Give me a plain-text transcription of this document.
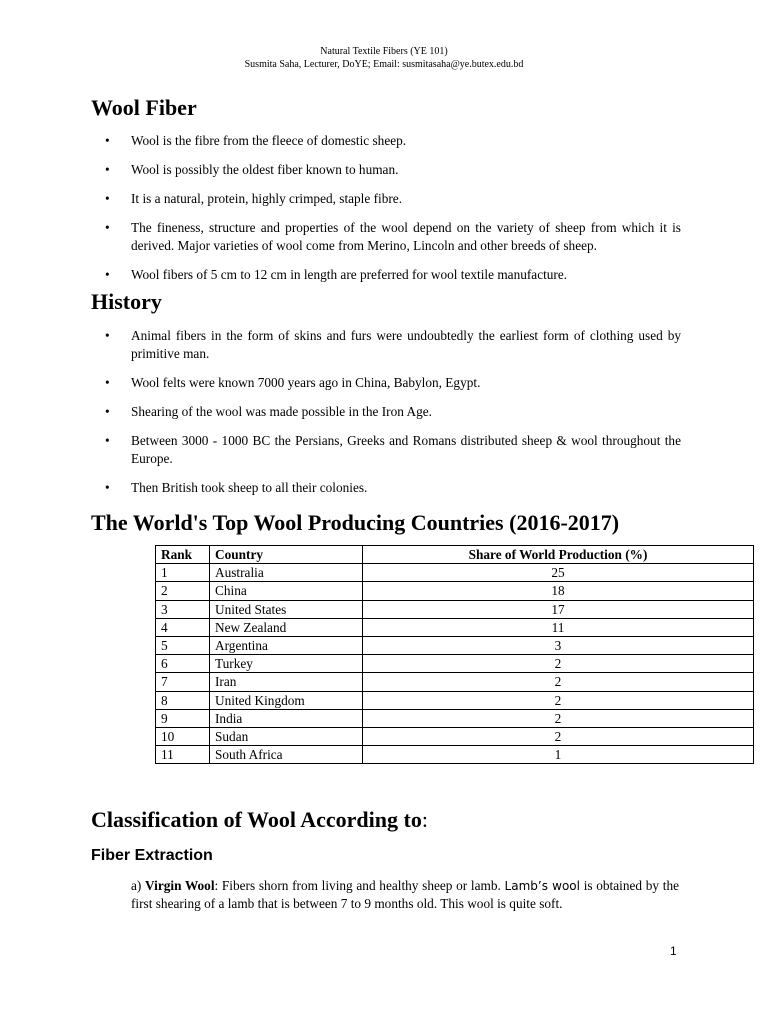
Natural Textile Fibers (YE 101)
Susmita Saha, Lecturer, DoYE; Email: susmitasaha@ye.butex.edu.bd
Wool Fiber
• Wool is the fibre from the fleece of domestic sheep.
• Wool is possibly the oldest fiber known to human.
• It is a natural, protein, highly crimped, staple fibre.
• The fineness, structure and properties of the wool depend on the variety of sheep from which it is derived. Major varieties of wool come from Merino, Lincoln and other breeds of sheep.
• Wool fibers of 5 cm to 12 cm in length are preferred for wool textile manufacture.
History
• Animal fibers in the form of skins and furs were undoubtedly the earliest form of clothing used by primitive man.
• Wool felts were known 7000 years ago in China, Babylon, Egypt.
• Shearing of the wool was made possible in the Iron Age.
• Between 3000 - 1000 BC the Persians, Greeks and Romans distributed sheep & wool throughout the Europe.
• Then British took sheep to all their colonies.
The World's Top Wool Producing Countries (2016-2017)
Rank	Country	Share of World Production (%)
1	Australia	25
2	China	18
3	United States	17
4	New Zealand	11
5	Argentina	3
6	Turkey	2
7	Iran	2
8	United Kingdom	2
9	India	2
10	Sudan	2
11	South Africa	1
Classification of Wool According to:
Fiber Extraction
a) Virgin Wool: Fibers shorn from living and healthy sheep or lamb. Lamb’s wool is obtained by the first shearing of a lamb that is between 7 to 9 months old. This wool is quite soft.
1
